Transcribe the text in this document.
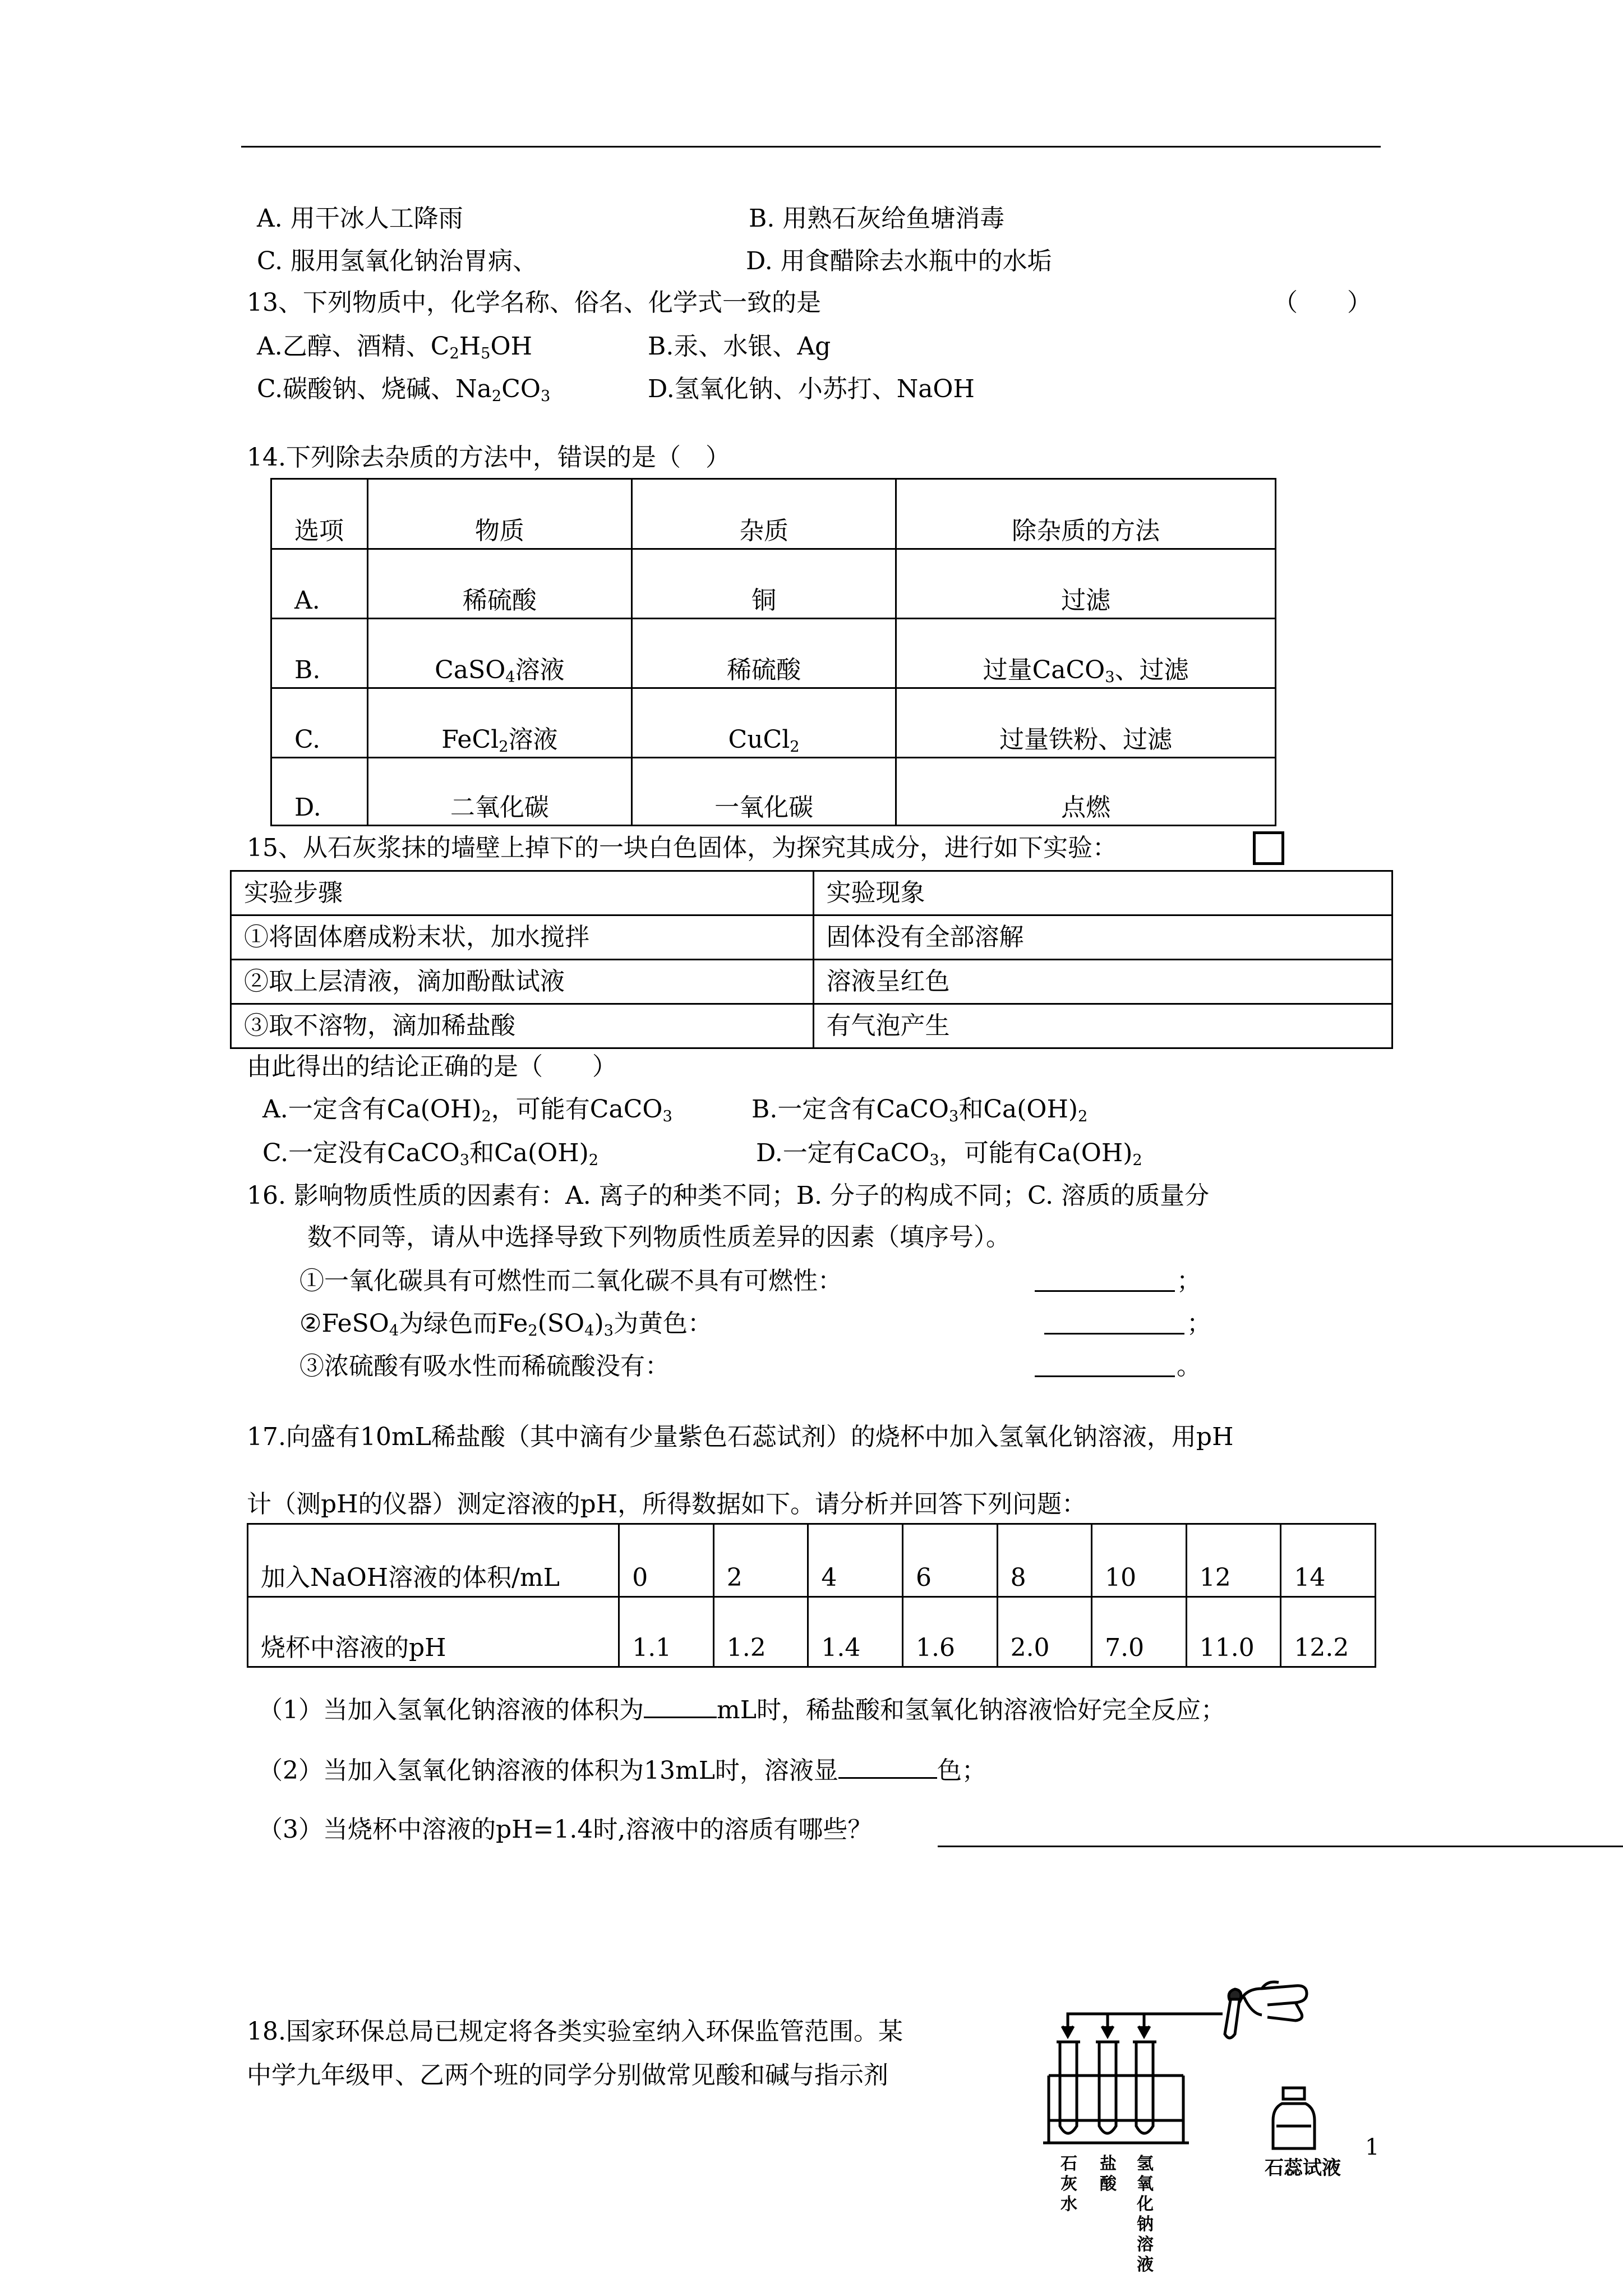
A. 用干冰人工降雨	B. 用熟石灰给鱼塘消毒
C. 服用氢氧化钠治胃病、	D. 用食醋除去水瓶中的水垢
13、下列物质中，化学名称、俗名、化学式一致的是	（　　）
A.乙醇、酒精、$C_2H_5OH$	B.汞、水银、Ag
C.碳酸钠、烧碱、$Na_2CO_3$	D.氢氧化钠、小苏打、NaOH
14.下列除去杂质的方法中，错误的是（　）
选项	物质	杂质	除杂质的方法
A.	稀硫酸	铜	过滤
B.	CaSO$_4$溶液	稀硫酸	过量CaCO$_3$、过滤
C.	FeCl$_2$溶液	CuCl$_2$	过量铁粉、过滤
D.	二氧化碳	一氧化碳	点燃
15、从石灰浆抹的墙壁上掉下的一块白色固体，为探究其成分，进行如下实验：
实验步骤	实验现象
①将固体磨成粉末状，加水搅拌	固体没有全部溶解
②取上层清液，滴加酚酞试液	溶液呈红色
③取不溶物，滴加稀盐酸	有气泡产生
由此得出的结论正确的是（　　）
A.一定含有$Ca(OH)_2$，可能有CaCO$_3$	B.一定含有CaCO$_3$和$Ca(OH)_2$
C.一定没有CaCO$_3$和$Ca(OH)_2$	D.一定有CaCO$_3$，可能有$Ca(OH)_2$
16. 影响物质性质的因素有：A. 离子的种类不同；B. 分子的构成不同；C. 溶质的质量分
数不同等，请从中选择导致下列物质性质差异的因素（填序号）。
①一氧化碳具有可燃性而二氧化碳不具有可燃性：	；
②FeSO$_4$为绿色而$Fe_2(SO_4)_3$为黄色：	；
③浓硫酸有吸水性而稀硫酸没有：	。
17.向盛有10mL稀盐酸（其中滴有少量紫色石蕊试剂）的烧杯中加入氢氧化钠溶液，用pH
计（测pH的仪器）测定溶液的pH，所得数据如下。请分析并回答下列问题：
加入NaOH溶液的体积/mL	0	2	4	6	8	10	12	14
烧杯中溶液的pH	1.1	1.2	1.4	1.6	2.0	7.0	11.0	12.2
（1）当加入氢氧化钠溶液的体积为	mL时，稀盐酸和氢氧化钠溶液恰好完全反应；
（2）当加入氢氧化钠溶液的体积为13mL时，溶液显	色；
（3）当烧杯中溶液的pH=1.4时,溶液中的溶质有哪些？
18.国家环保总局已规定将各类实验室纳入环保监管范围。某
中学九年级甲、乙两个班的同学分别做常见酸和碱与指示剂
石灰水
盐酸
氢氧化钠溶液
石蕊试液
1
